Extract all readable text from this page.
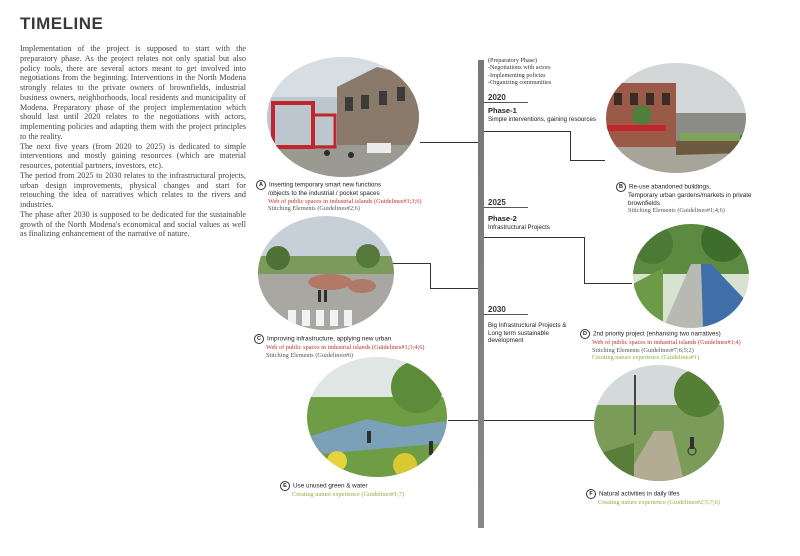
TIMELINE

Implementation of the project is supposed to start with the preparatory phase. As the project relates not only spatial but also policy tools, there are several actors meant to get involved into negotiations from the beginning. Interventions in the North Modena strongly relates to the private owners of brownfields, industrial business owners, neighborhoods, local residents and municipality of Modena. Preparatory phase of the project implementation which should last until 2020 relates to the negotiations with actors, implementing policies and adapting them with the project principles to the reality.

The next five years (from 2020 to 2025) is dedicated to simple interventions and mostly gaining resources (which are material resources, potential partners, investors, etc).

The period from 2025 to 2030 relates to the infrastructural projects, urban design improvements, physical changes and start for retouching the idea of narratives which relates to the rivers and industries.

The phase after 2030 is supposed to be dedicated for the sustainable growth of the North Modena's economical and social values as well as finalizing enhancement of the narrative of nature.

(Preparatory Phase)
-Negotiations with actors
-Implementing policies
-Organizing communities
2020
Phase-1
Simple interventions, gaining resources
2025
Phase-2
Infrastructural Projects
2030
Big Infrastructural Projects &
Long term sustainable
development
A Inserting temporary smart new functions
/objects to the industrial / pocket spaces
Web of public spaces in industrial islands (Guidelines#1;3;6)
Stitching Elements (Guidelines#2;6)
B Re-use abandoned buildings,
Temporary urban gardens/markets in private
brownfields
Stitching Elements (Guidelines#1;4;6)
C Improving infrastructure, applying new urban
Web of public spaces in industrial islands (Guidelines#1;3;4;6)
Stitching Elements (Guidelines#6)
D 2nd priority project (enhansing two narratives)
Web of public spaces in industrial islands (Guidelines#1;4)
Stitching Elements (Guidelines#7;6;5;2)
Creating nature experience (Guidelines#1)
E Use unused green & water
Creating nature experience (Guidelines#1;7)	F Natural activities in daily lifes
Creating nature experience (Guidelines#2;5;7;6)
